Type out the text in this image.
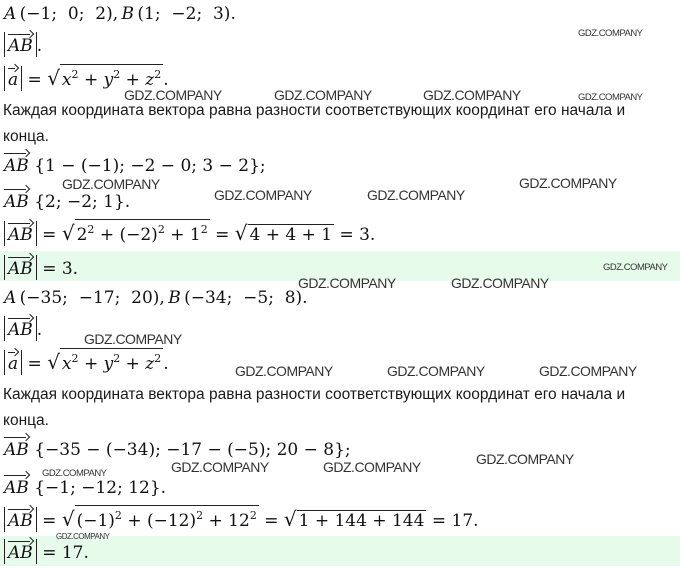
A (−1;  0;  2), B (1;  −2;  3).
AB .
a = √ $x^2 + y^2 + z^2$ .
Каждая координата вектора равна разности соответствующих координат его начала и
конца.
AB {1 − (−1); −2 − 0; 3 − 2};
AB {2; −2; 1}.
AB = √ $2^2 + (-2)^2 + 1^2$ = √ 4 + 4 + 1 = 3.
AB = 3.
A (−35;  −17;  20), B (−34;  −5;  8).
AB .
a = √ $x^2 + y^2 + z^2$ .
Каждая координата вектора равна разности соответствующих координат его начала и
конца.
AB {−35 − (−34); −17 − (−5); 20 − 8};
AB {−1; −12; 12}.
AB = √ $(-1)^2 + (-12)^2 + 12^2$ = √ 1 + 144 + 144 = 17.
AB = 17.
GDZ.COMPANY
GDZ.COMPANY	GDZ.COMPANY	GDZ.COMPANY	GDZ.COMPANY
GDZ.COMPANY
GDZ.COMPANY	GDZ.COMPANY
GDZ.COMPANY
GDZ.COMPANY
GDZ.COMPANY	GDZ.COMPANY
GDZ.COMPANY
GDZ.COMPANY	GDZ.COMPANY	GDZ.COMPANY
GDZ.COMPANY	GDZ.COMPANY	GDZ.COMPANY	GDZ.COMPANY
GDZ.COMPANY
